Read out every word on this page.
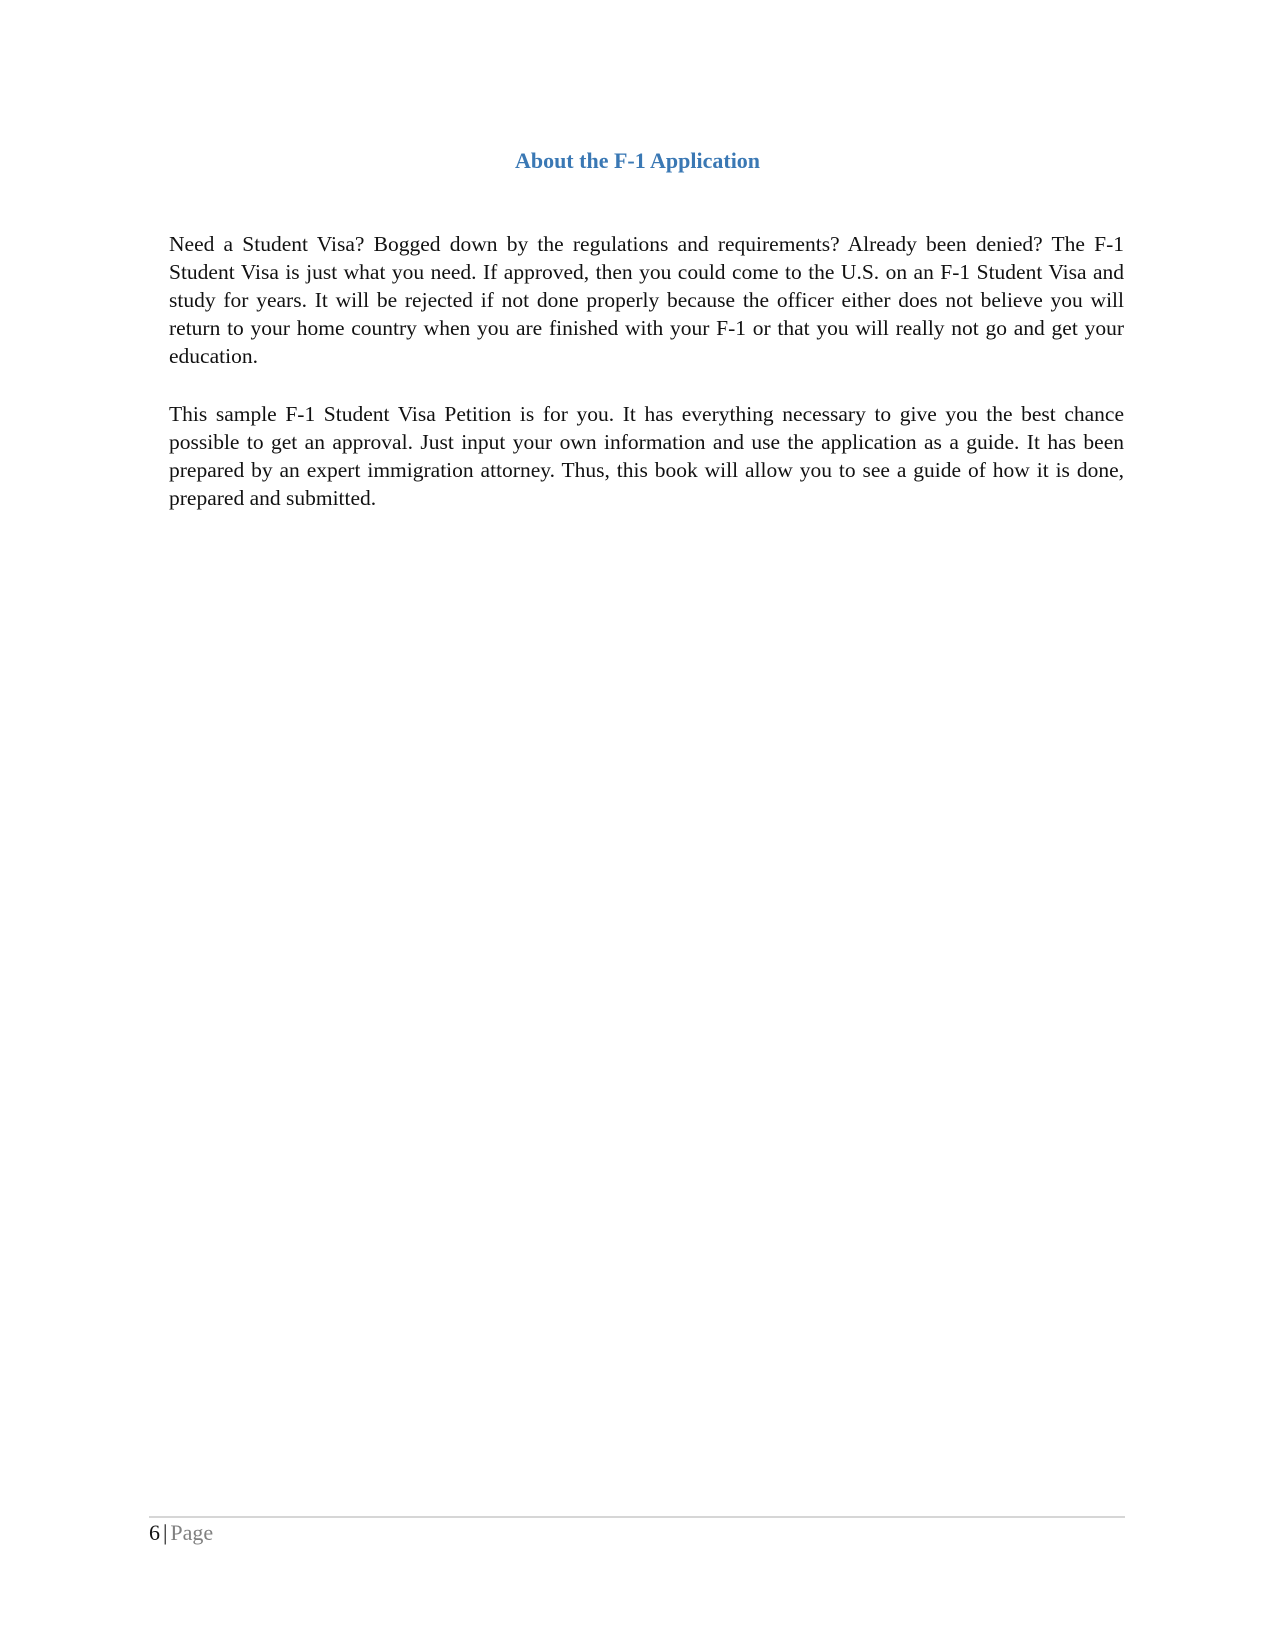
About the F-1 Application

Need a Student Visa? Bogged down by the regulations and requirements? Already been denied? The F-1 Student Visa is just what you need. If approved, then you could come to the U.S. on an F-1 Student Visa and study for years. It will be rejected if not done properly because the officer either does not believe you will return to your home country when you are finished with your F-1 or that you will really not go and get your education.

This sample F-1 Student Visa Petition is for you. It has everything necessary to give you the best chance possible to get an approval. Just input your own information and use the application as a guide. It has been prepared by an expert immigration attorney. Thus, this book will allow you to see a guide of how it is done, prepared and submitted.

6 | Page
